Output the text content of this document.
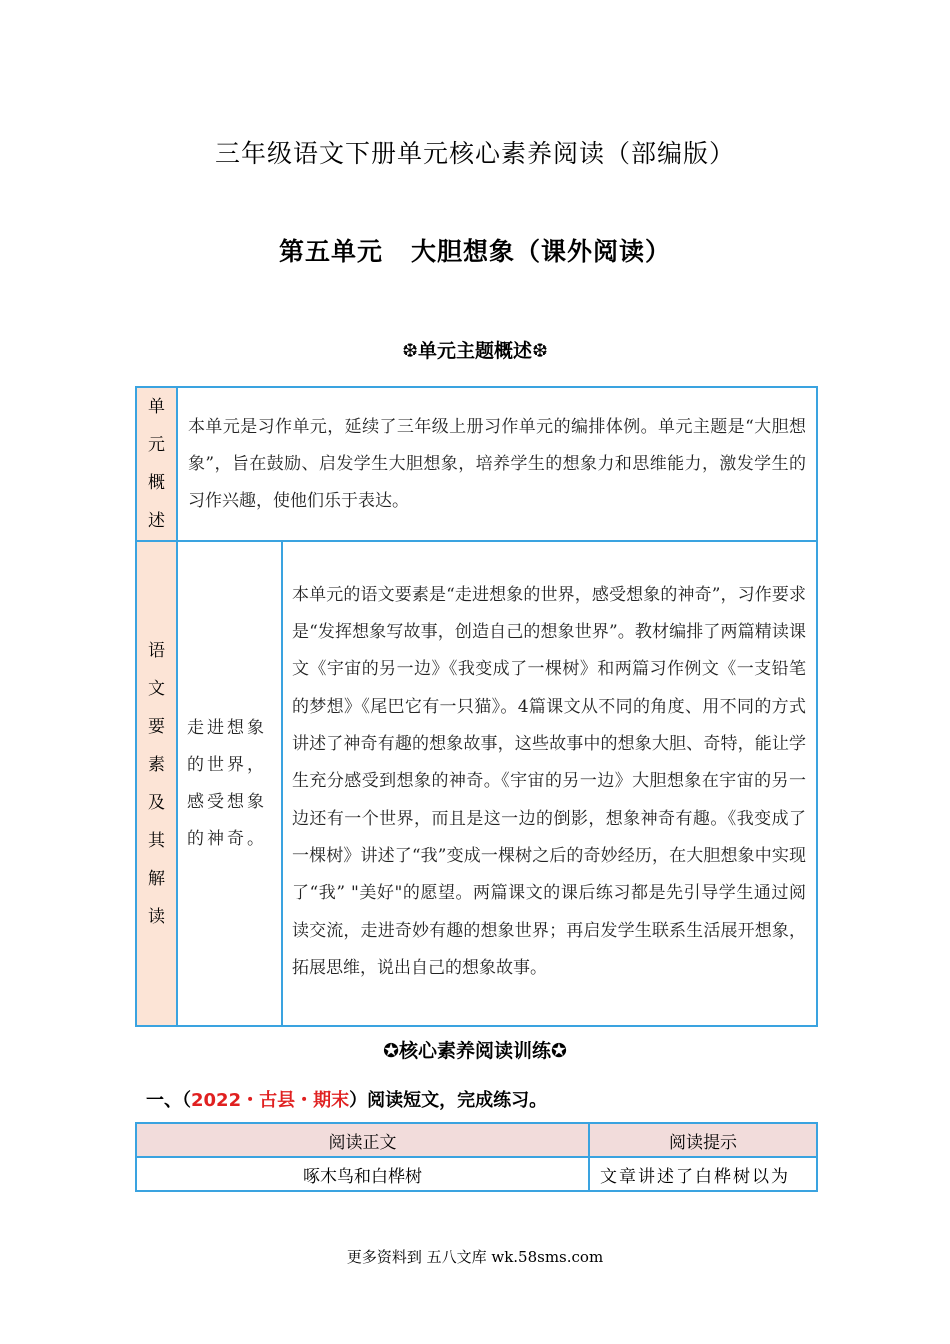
三年级语文下册单元核心素养阅读（部编版）
第五单元 大胆想象（课外阅读）
❆单元主题概述❆
单元概述	本单元是习作单元，延续了三年级上册习作单元的编排体例。单元主题是“大胆想象”，旨在鼓励、启发学生大胆想象，培养学生的想象力和思维能力，激发学生的习作兴趣，使他们乐于表达。	

语文要素及其解读	走进想象的世界，感受想象的神奇。	本单元的语文要素是“走进想象的世界，感受想象的神奇”，习作要求是“发挥想象写故事，创造自己的想象世界”。教材编排了两篇精读课文《宇宙的另一边》《我变成了一棵树》和两篇习作例文《一支铅笔的梦想》《尾巴它有一只猫》。4篇课文从不同的角度、用不同的方式讲述了神奇有趣的想象故事，这些故事中的想象大胆、奇特，能让学生充分感受到想象的神奇。《宇宙的另一边》大胆想象在宇宙的另一边还有一个世界，而且是这一边的倒影，想象神奇有趣。《我变成了一棵树》讲述了“我”变成一棵树之后的奇妙经历，在大胆想象中实现了“我” "美好"的愿望。两篇课文的课后练习都是先引导学生通过阅读交流，走进奇妙有趣的想象世界；再启发学生联系生活展开想象，拓展思维，说出自己的想象故事。
✪核心素养阅读训练✪
一、（2022・古县・期末）阅读短文，完成练习。
阅读正文	阅读提示
啄木鸟和白桦树	文章讲述了白桦树以为
更多资料到 五八文库 wk.58sms.com
